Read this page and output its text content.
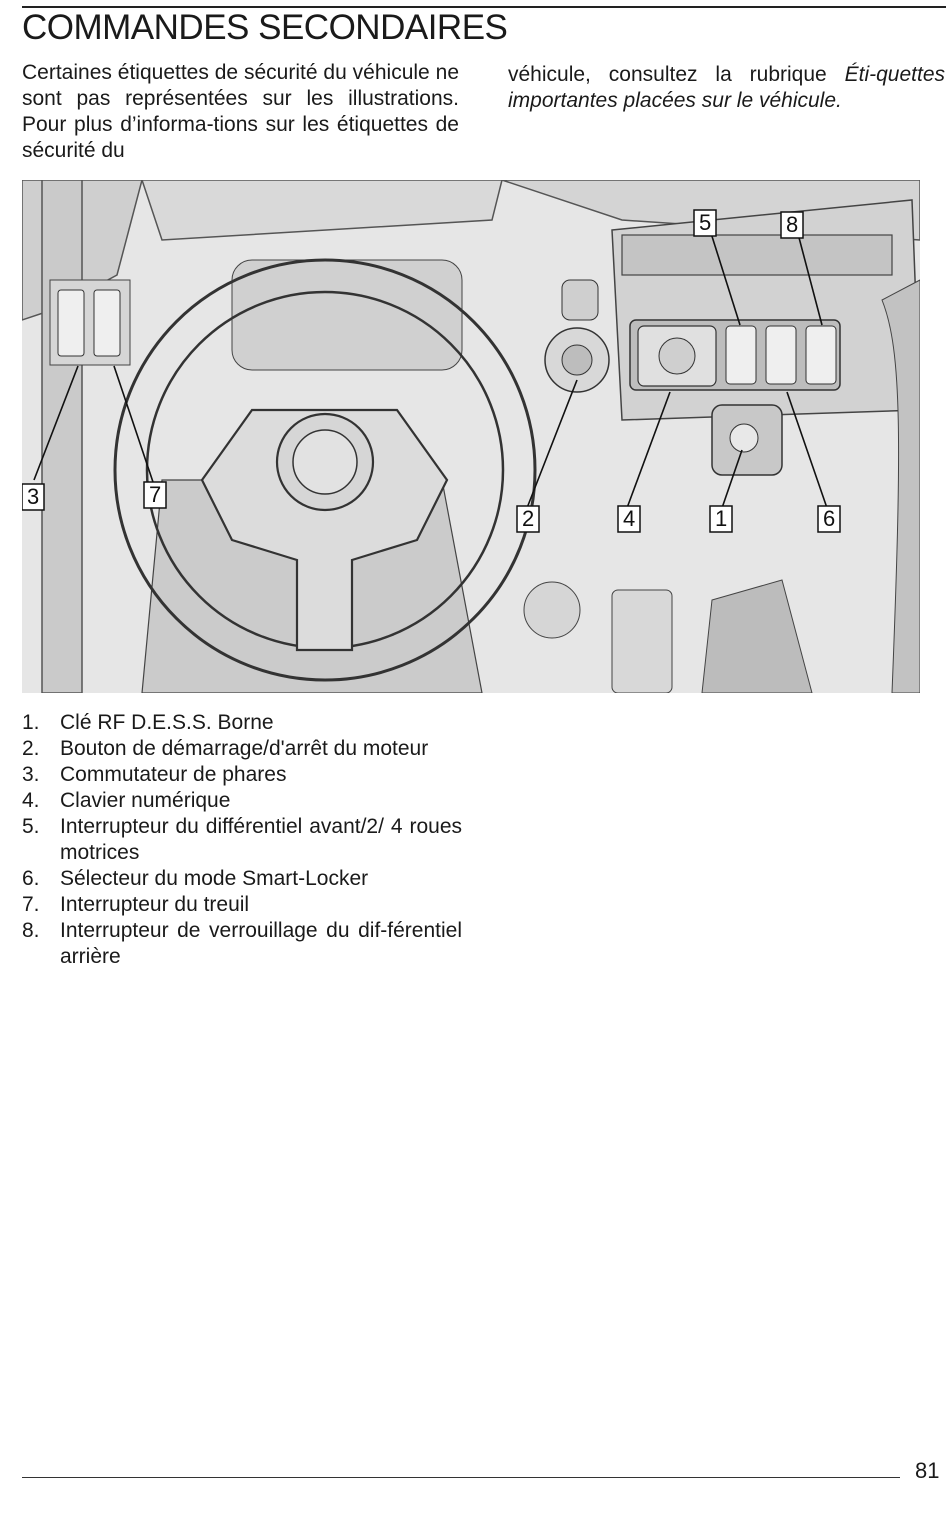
COMMANDES SECONDAIRES
Certaines étiquettes de sécurité du véhicule ne sont pas représentées sur les illustrations. Pour plus d’informa-tions sur les étiquettes de sécurité du
véhicule, consultez la rubrique Éti-quettes importantes placées sur le véhicule.
3	7
2	4	1	6
5	8
1. Clé RF D.E.S.S. Borne
2. Bouton de démarrage/d'arrêt du moteur
3. Commutateur de phares
4. Clavier numérique
5. Interrupteur du différentiel avant/2/ 4 roues motrices
6. Sélecteur du mode Smart-Locker
7. Interrupteur du treuil
8. Interrupteur de verrouillage du dif-férentiel arrière
81
